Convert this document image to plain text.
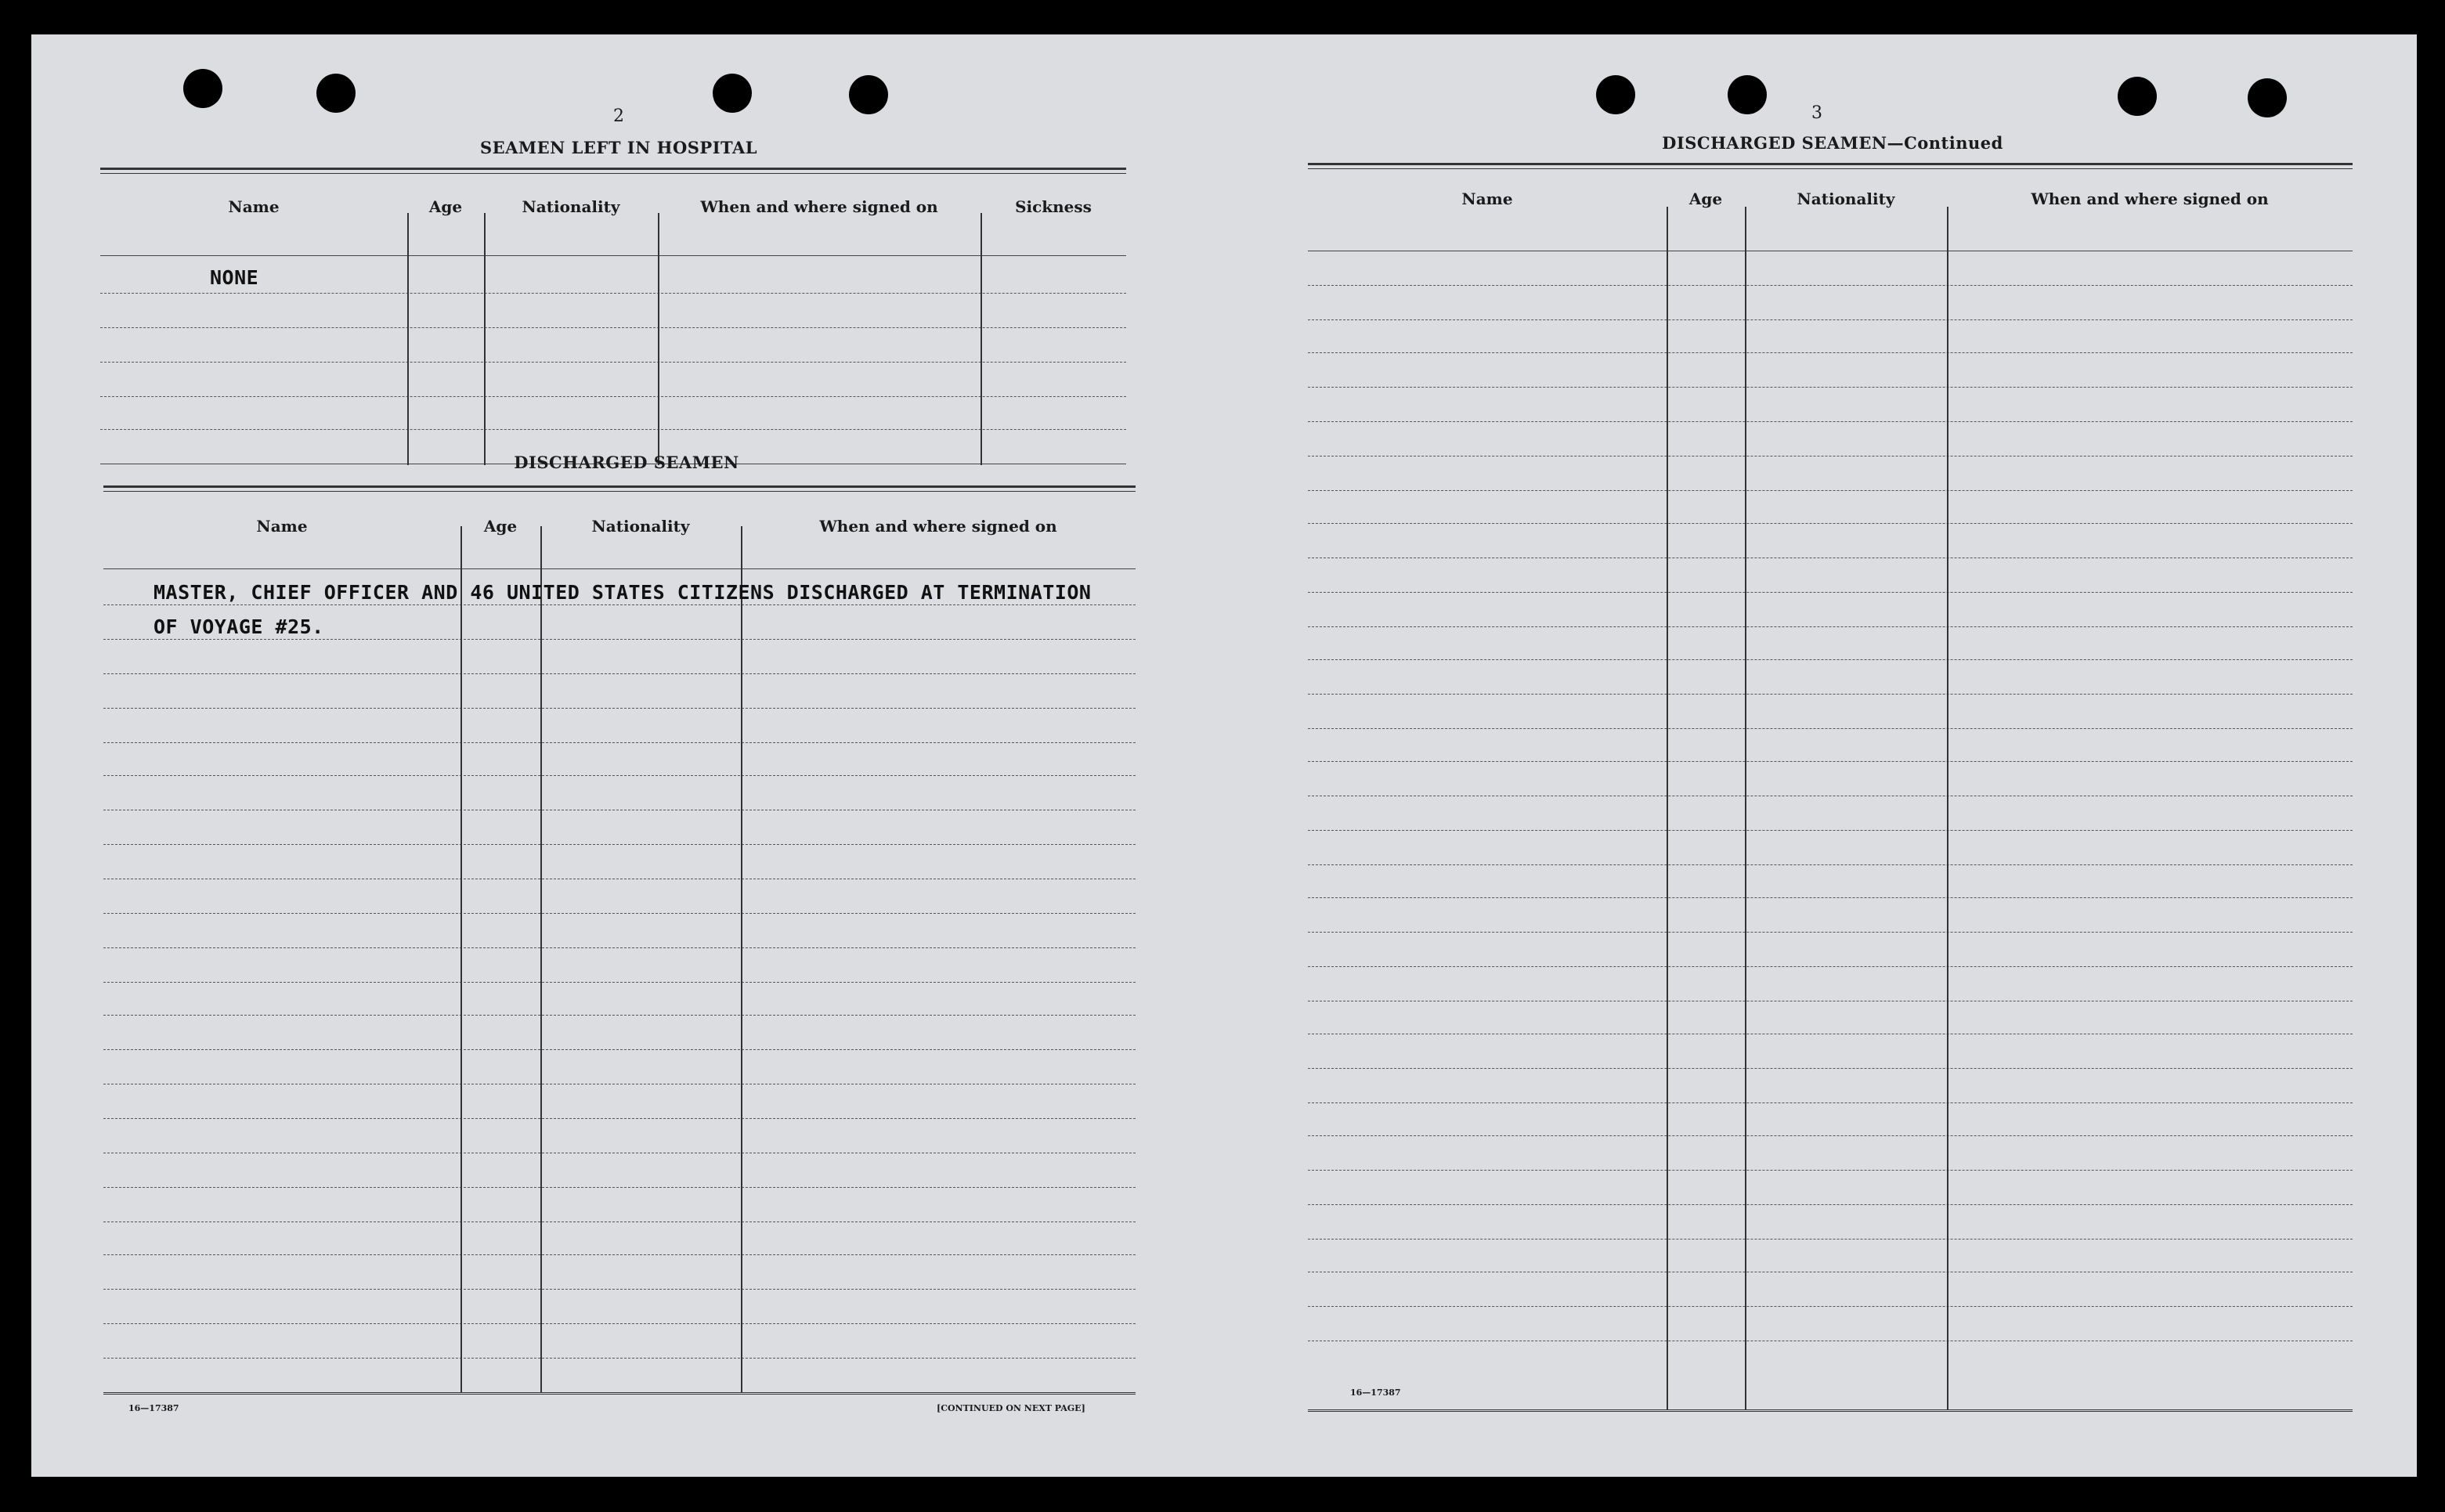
2
SEAMEN LEFT IN HOSPITAL
Name	Age	Nationality	When and where signed on	Sickness
NONE
DISCHARGED SEAMEN
Name	Age	Nationality	When and where signed on
MASTER, CHIEF OFFICER AND 46 UNITED STATES CITIZENS DISCHARGED AT TERMINATION
OF VOYAGE #25.
16—17387	[CONTINUED ON NEXT PAGE]
3
DISCHARGED SEAMEN—Continued
Name	Age	Nationality	When and where signed on
16—17387
